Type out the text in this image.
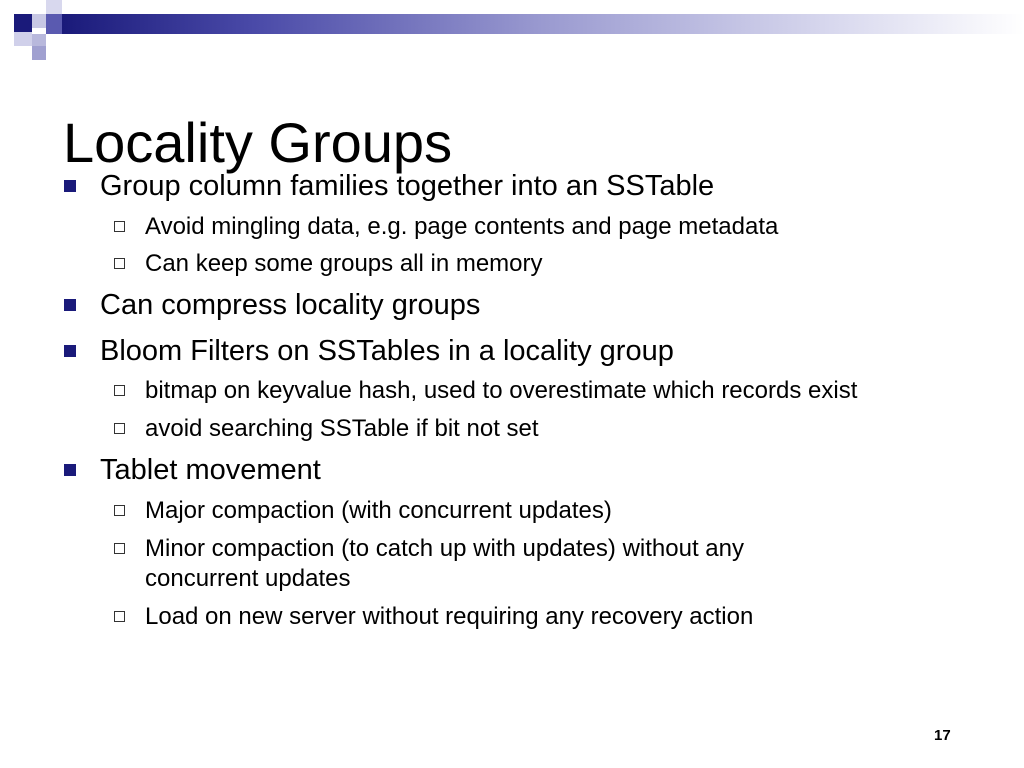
Locality Groups
Group column families together into an SSTable
Avoid mingling data, e.g. page contents and page metadata
Can keep some groups all in memory
Can compress locality groups
Bloom Filters on SSTables in a locality group
bitmap on keyvalue hash, used to overestimate which records exist
avoid searching SSTable if bit not set
Tablet movement
Major compaction (with concurrent updates)
Minor compaction (to catch up with updates) without any
concurrent updates
Load on new server without requiring any recovery action
17
